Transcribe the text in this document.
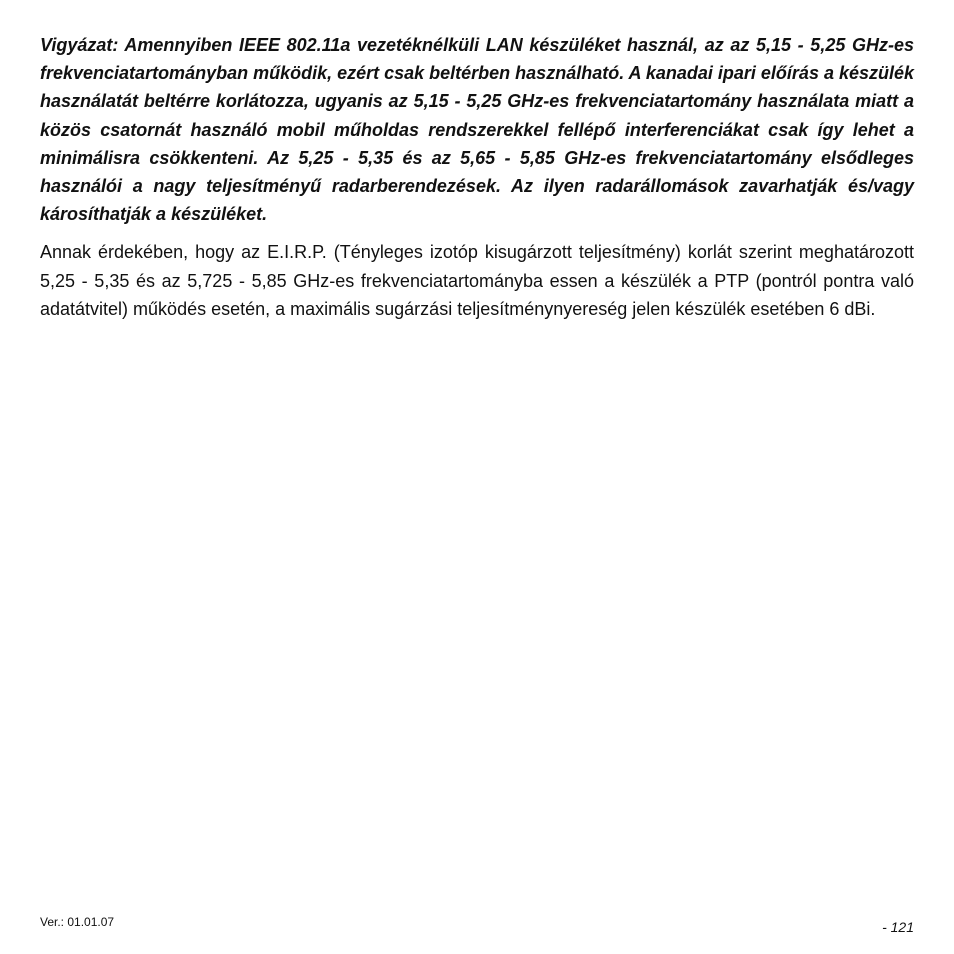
Vigyázat: Amennyiben IEEE 802.11a vezetéknélküli LAN készüléket használ, az az 5,15 - 5,25 GHz-es frekvenciatartományban működik, ezért csak beltérben használható. A kanadai ipari előírás a készülék használatát beltérre korlátozza, ugyanis az 5,15 - 5,25 GHz-es frekvenciatartomány használata miatt a közös csatornát használó mobil műholdas rendszerekkel fellépő interferenciákat csak így lehet a minimálisra csökkenteni. Az 5,25 - 5,35 és az 5,65 - 5,85 GHz-es frekvenciatartomány elsődleges használói a nagy teljesítményű radarberendezések. Az ilyen radarállomások zavarhatják és/vagy károsíthatják a készüléket.

Annak érdekében, hogy az E.I.R.P. (Tényleges izotóp kisugárzott teljesítmény) korlát szerint meghatározott 5,25 - 5,35 és az 5,725 - 5,85 GHz-es frekvenciatartományba essen a készülék a PTP (pontról pontra való adatátvitel) működés esetén, a maximális sugárzási teljesítménynyereség jelen készülék esetében 6 dBi.

Ver.: 01.01.07	- 121
